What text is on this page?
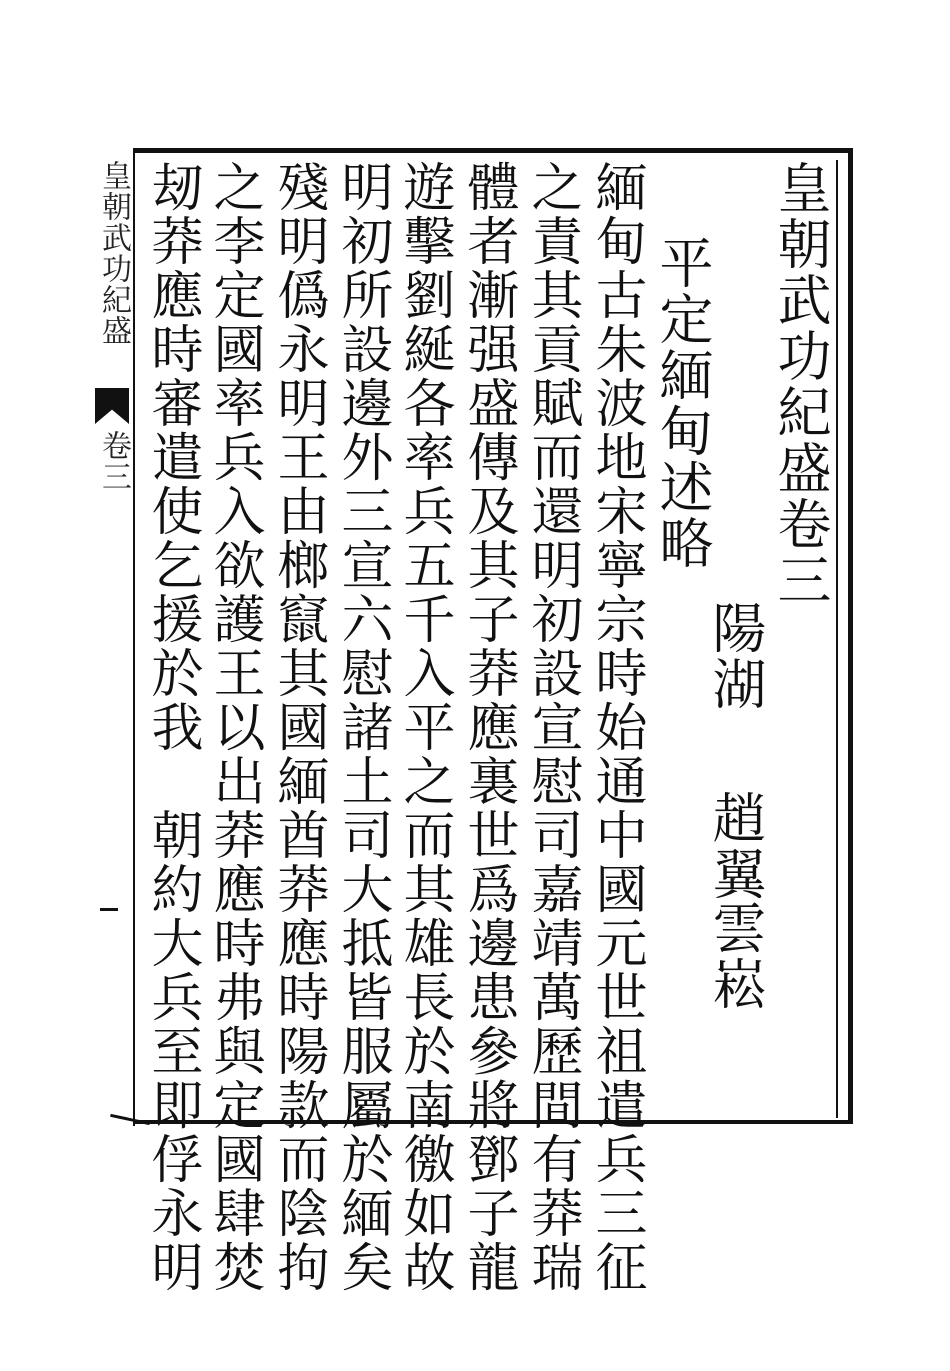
皇朝武功紀盛卷三
陽湖
趙翼
雲崧
平定緬甸述略
緬甸古朱波地宋寧宗時始通中國元世祖遣兵三征
之責其貢賦而還明初設宣慰司嘉靖萬歷間有莽瑞
體者漸强盛傳及其子莽應裏世爲邊患參將鄧子龍
遊擊劉綖各率兵五千入平之而其雄長於南徼如故
明初所設邊外三宣六慰諸土司大抵皆服屬於緬矣
殘明僞永明王由榔竄其國緬酋莽應時陽款而陰拘
之李定國率兵入欲護王以出莽應時弗與定國肆焚
刼莽應時審遣使乞援於我　朝約大兵至即俘永明
皇朝武功紀盛
卷三
